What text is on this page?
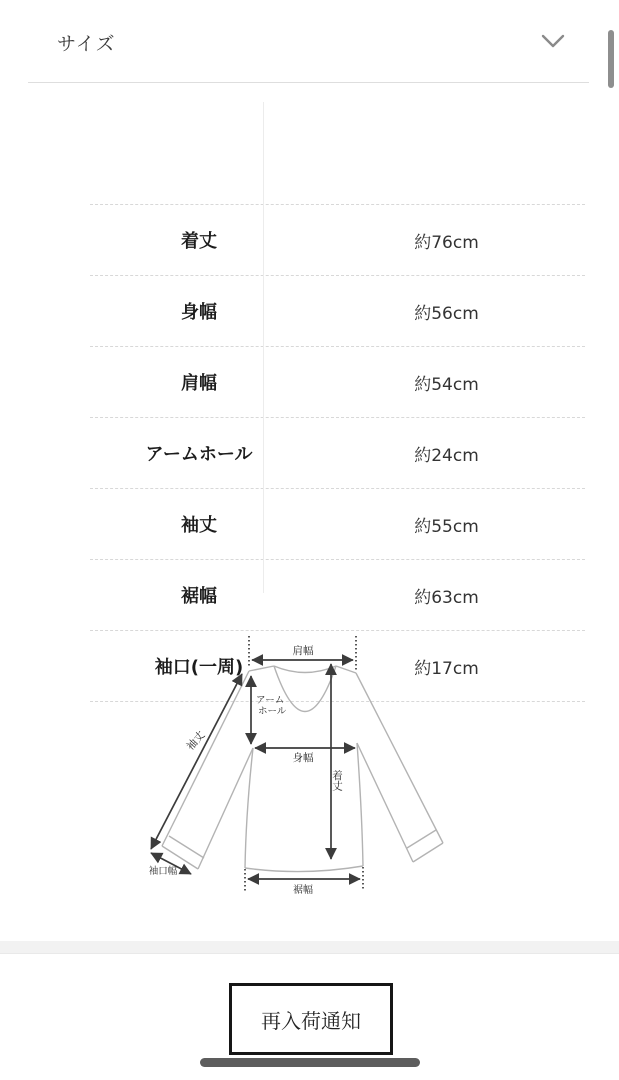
サイズ
着丈	約76cm
身幅	約56cm
肩幅	約54cm
アームホール	約24cm
袖丈	約55cm
裾幅	約63cm
袖口(一周)	約17cm
肩幅
アーム
ホール
袖丈
身幅
着丈
袖口幅
裾幅
再入荷通知
